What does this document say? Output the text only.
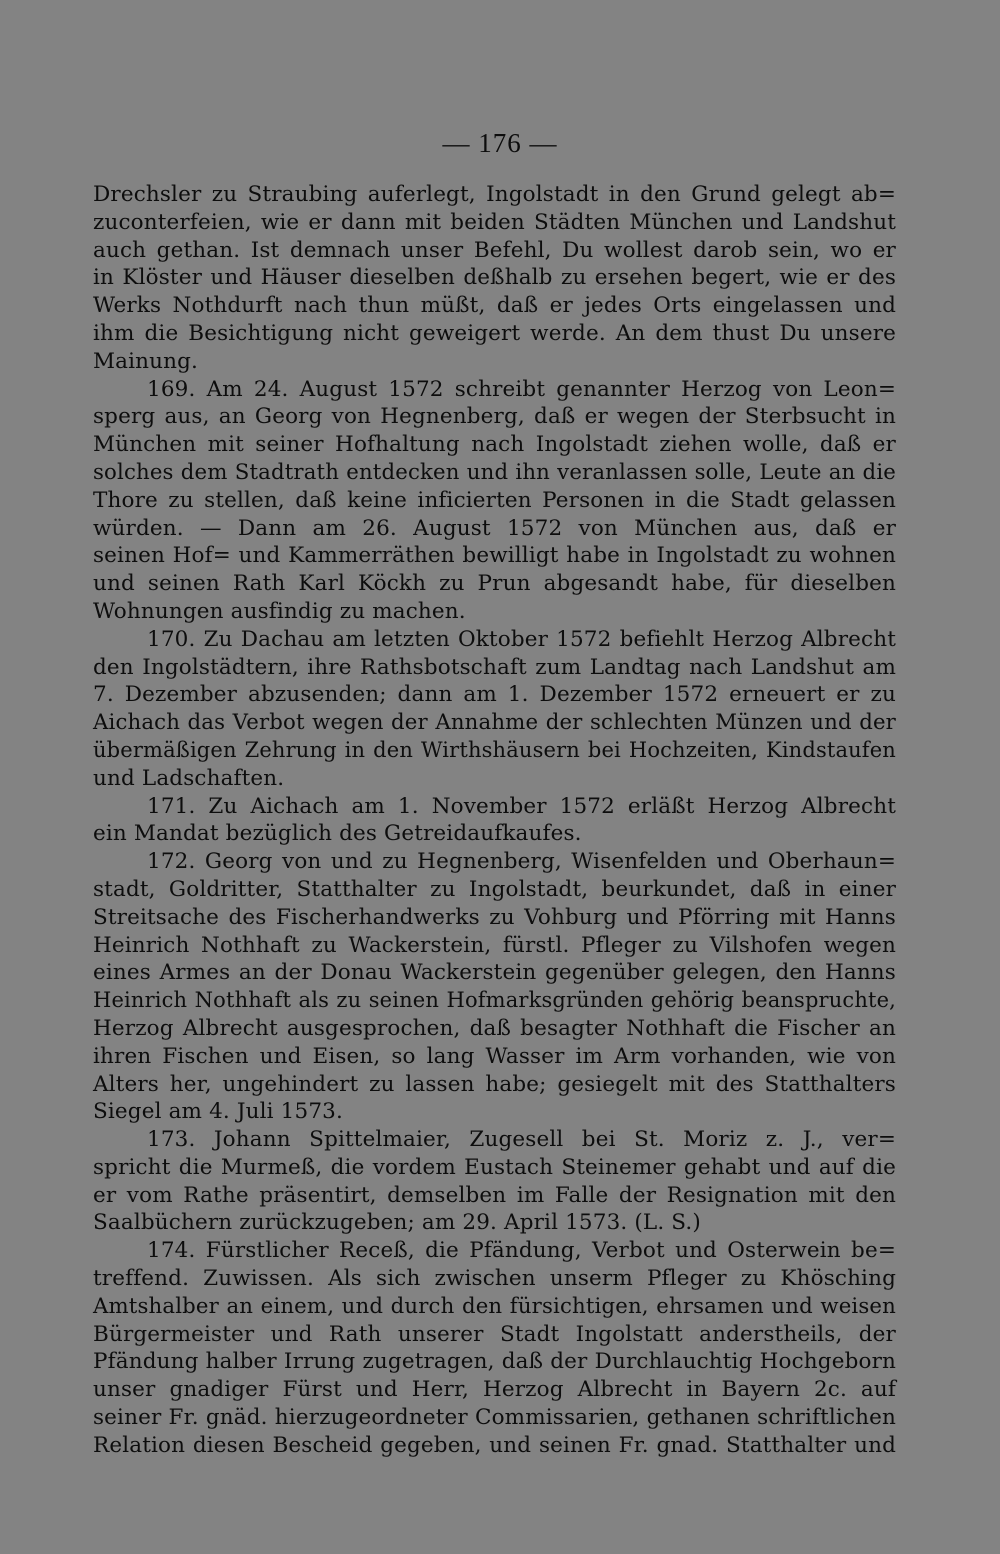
— 176 —
Drechsler zu Straubing auferlegt, Ingolstadt in den Grund gelegt ab=
zuconterfeien, wie er dann mit beiden Städten München und Landshut
auch gethan. Ist demnach unser Befehl, Du wollest darob sein, wo er
in Klöster und Häuser dieselben deßhalb zu ersehen begert, wie er des
Werks Nothdurft nach thun müßt, daß er jedes Orts eingelassen und
ihm die Besichtigung nicht geweigert werde. An dem thust Du unsere
Mainung.
169. Am 24. August 1572 schreibt genannter Herzog von Leon=
sperg aus, an Georg von Hegnenberg, daß er wegen der Sterbsucht in
München mit seiner Hofhaltung nach Ingolstadt ziehen wolle, daß er
solches dem Stadtrath entdecken und ihn veranlassen solle, Leute an die
Thore zu stellen, daß keine inficierten Personen in die Stadt gelassen
würden. — Dann am 26. August 1572 von München aus, daß er
seinen Hof= und Kammerräthen bewilligt habe in Ingolstadt zu wohnen
und seinen Rath Karl Köckh zu Prun abgesandt habe, für dieselben
Wohnungen ausfindig zu machen.
170. Zu Dachau am letzten Oktober 1572 befiehlt Herzog Albrecht
den Ingolstädtern, ihre Rathsbotschaft zum Landtag nach Landshut am
7. Dezember abzusenden; dann am 1. Dezember 1572 erneuert er zu
Aichach das Verbot wegen der Annahme der schlechten Münzen und der
übermäßigen Zehrung in den Wirthshäusern bei Hochzeiten, Kindstaufen
und Ladschaften.
171. Zu Aichach am 1. November 1572 erläßt Herzog Albrecht
ein Mandat bezüglich des Getreidaufkaufes.
172. Georg von und zu Hegnenberg, Wisenfelden und Oberhaun=
stadt, Goldritter, Statthalter zu Ingolstadt, beurkundet, daß in einer
Streitsache des Fischerhandwerks zu Vohburg und Pförring mit Hanns
Heinrich Nothhaft zu Wackerstein, fürstl. Pfleger zu Vilshofen wegen
eines Armes an der Donau Wackerstein gegenüber gelegen, den Hanns
Heinrich Nothhaft als zu seinen Hofmarksgründen gehörig beanspruchte,
Herzog Albrecht ausgesprochen, daß besagter Nothhaft die Fischer an
ihren Fischen und Eisen, so lang Wasser im Arm vorhanden, wie von
Alters her, ungehindert zu lassen habe; gesiegelt mit des Statthalters
Siegel am 4. Juli 1573.
173. Johann Spittelmaier, Zugesell bei St. Moriz z. J., ver=
spricht die Murmeß, die vordem Eustach Steinemer gehabt und auf die
er vom Rathe präsentirt, demselben im Falle der Resignation mit den
Saalbüchern zurückzugeben; am 29. April 1573. (L. S.)
174. Fürstlicher Receß, die Pfändung, Verbot und Osterwein be=
treffend. Zuwissen. Als sich zwischen unserm Pfleger zu Khösching
Amtshalber an einem, und durch den fürsichtigen, ehrsamen und weisen
Bürgermeister und Rath unserer Stadt Ingolstatt anderstheils, der
Pfändung halber Irrung zugetragen, daß der Durchlauchtig Hochgeborn
unser gnadiger Fürst und Herr, Herzog Albrecht in Bayern 2c. auf
seiner Fr. gnäd. hierzugeordneter Commissarien, gethanen schriftlichen
Relation diesen Bescheid gegeben, und seinen Fr. gnad. Statthalter und
